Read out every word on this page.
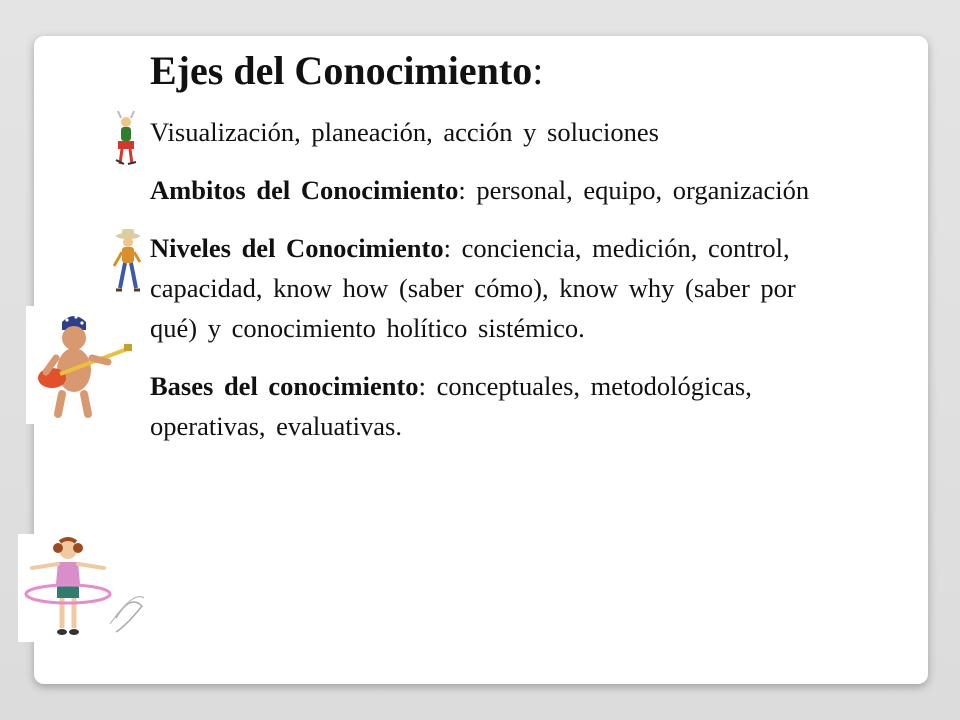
Ejes del Conocimiento:
Visualización, planeación, acción y soluciones
Ambitos del Conocimiento: personal, equipo, organización
Niveles del Conocimiento: conciencia, medición, control, capacidad, know how (saber cómo), know why (saber por qué) y conocimiento holítico sistémico.
Bases del conocimiento: conceptuales, metodológicas, operativas, evaluativas.
